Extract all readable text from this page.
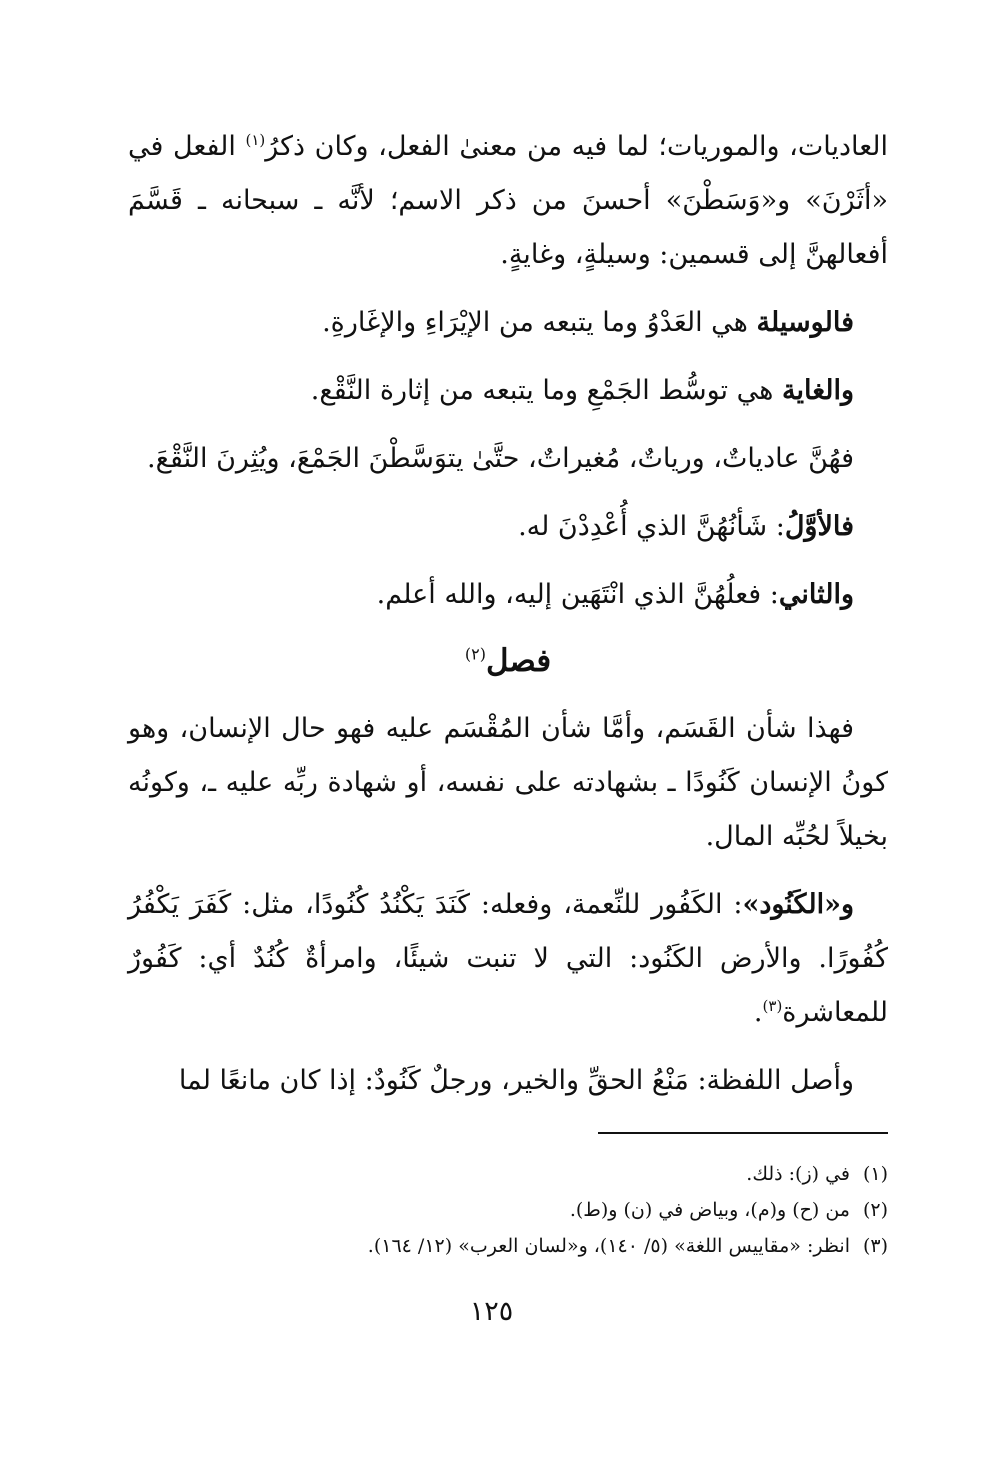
العاديات، والموريات؛ لما فيه من معنىٰ الفعل، وكان ذكرُ$^{(١)}$ الفعل في «أثَرْنَ» و«وَسَطْنَ» أحسنَ من ذكر الاسم؛ لأنَّه ـ سبحانه ـ قَسَّمَ أفعالهنَّ إلى قسمين: وسيلةٍ، وغايةٍ.

فالوسيلة هي العَدْوُ وما يتبعه من الإيْرَاءِ والإغَارةِ.

والغاية هي توسُّط الجَمْعِ وما يتبعه من إثارة النَّقْع.

فهُنَّ عادياتٌ، ورياتٌ، مُغيراتٌ، حتَّىٰ يتوَسَّطْنَ الجَمْعَ، ويُثِرنَ النَّقْعَ.

فالأوَّلُ: شَأنُهُنَّ الذي أُعْدِدْنَ له.

والثاني: فعلُهُنَّ الذي انْتَهَين إليه، والله أعلم.

فصل$^{(٢)}$

فهذا شأن القَسَم، وأمَّا شأن المُقْسَم عليه فهو حال الإنسان، وهو كونُ الإنسان كَنُودًا ـ بشهادته على نفسه، أو شهادة ربِّه عليه ـ، وكونُه بخيلاً لحُبِّه المال.

و«الكَنُود»: الكَفُور للنِّعمة، وفعله: كَنَدَ يَكْنُدُ كُنُودًا، مثل: كَفَرَ يَكْفُرُ كُفُورًا. والأرض الكَنُود: التي لا تنبت شيئًا، وامرأةٌ كُنُدٌ أي: كَفُورٌ للمعاشرة$^{(٣)}$.

وأصل اللفظة: مَنْعُ الحقِّ والخير، ورجلٌ كَنُودٌ: إذا كان مانعًا لما

(١)
في (ز): ذلك.
(٢)
من (ح) و(م)، وبياض في (ن) و(ط).
(٣)
انظر: «مقاييس اللغة» (٥/ ١٤٠)، و«لسان العرب» (١٢/ ١٦٤).
١٢٥
